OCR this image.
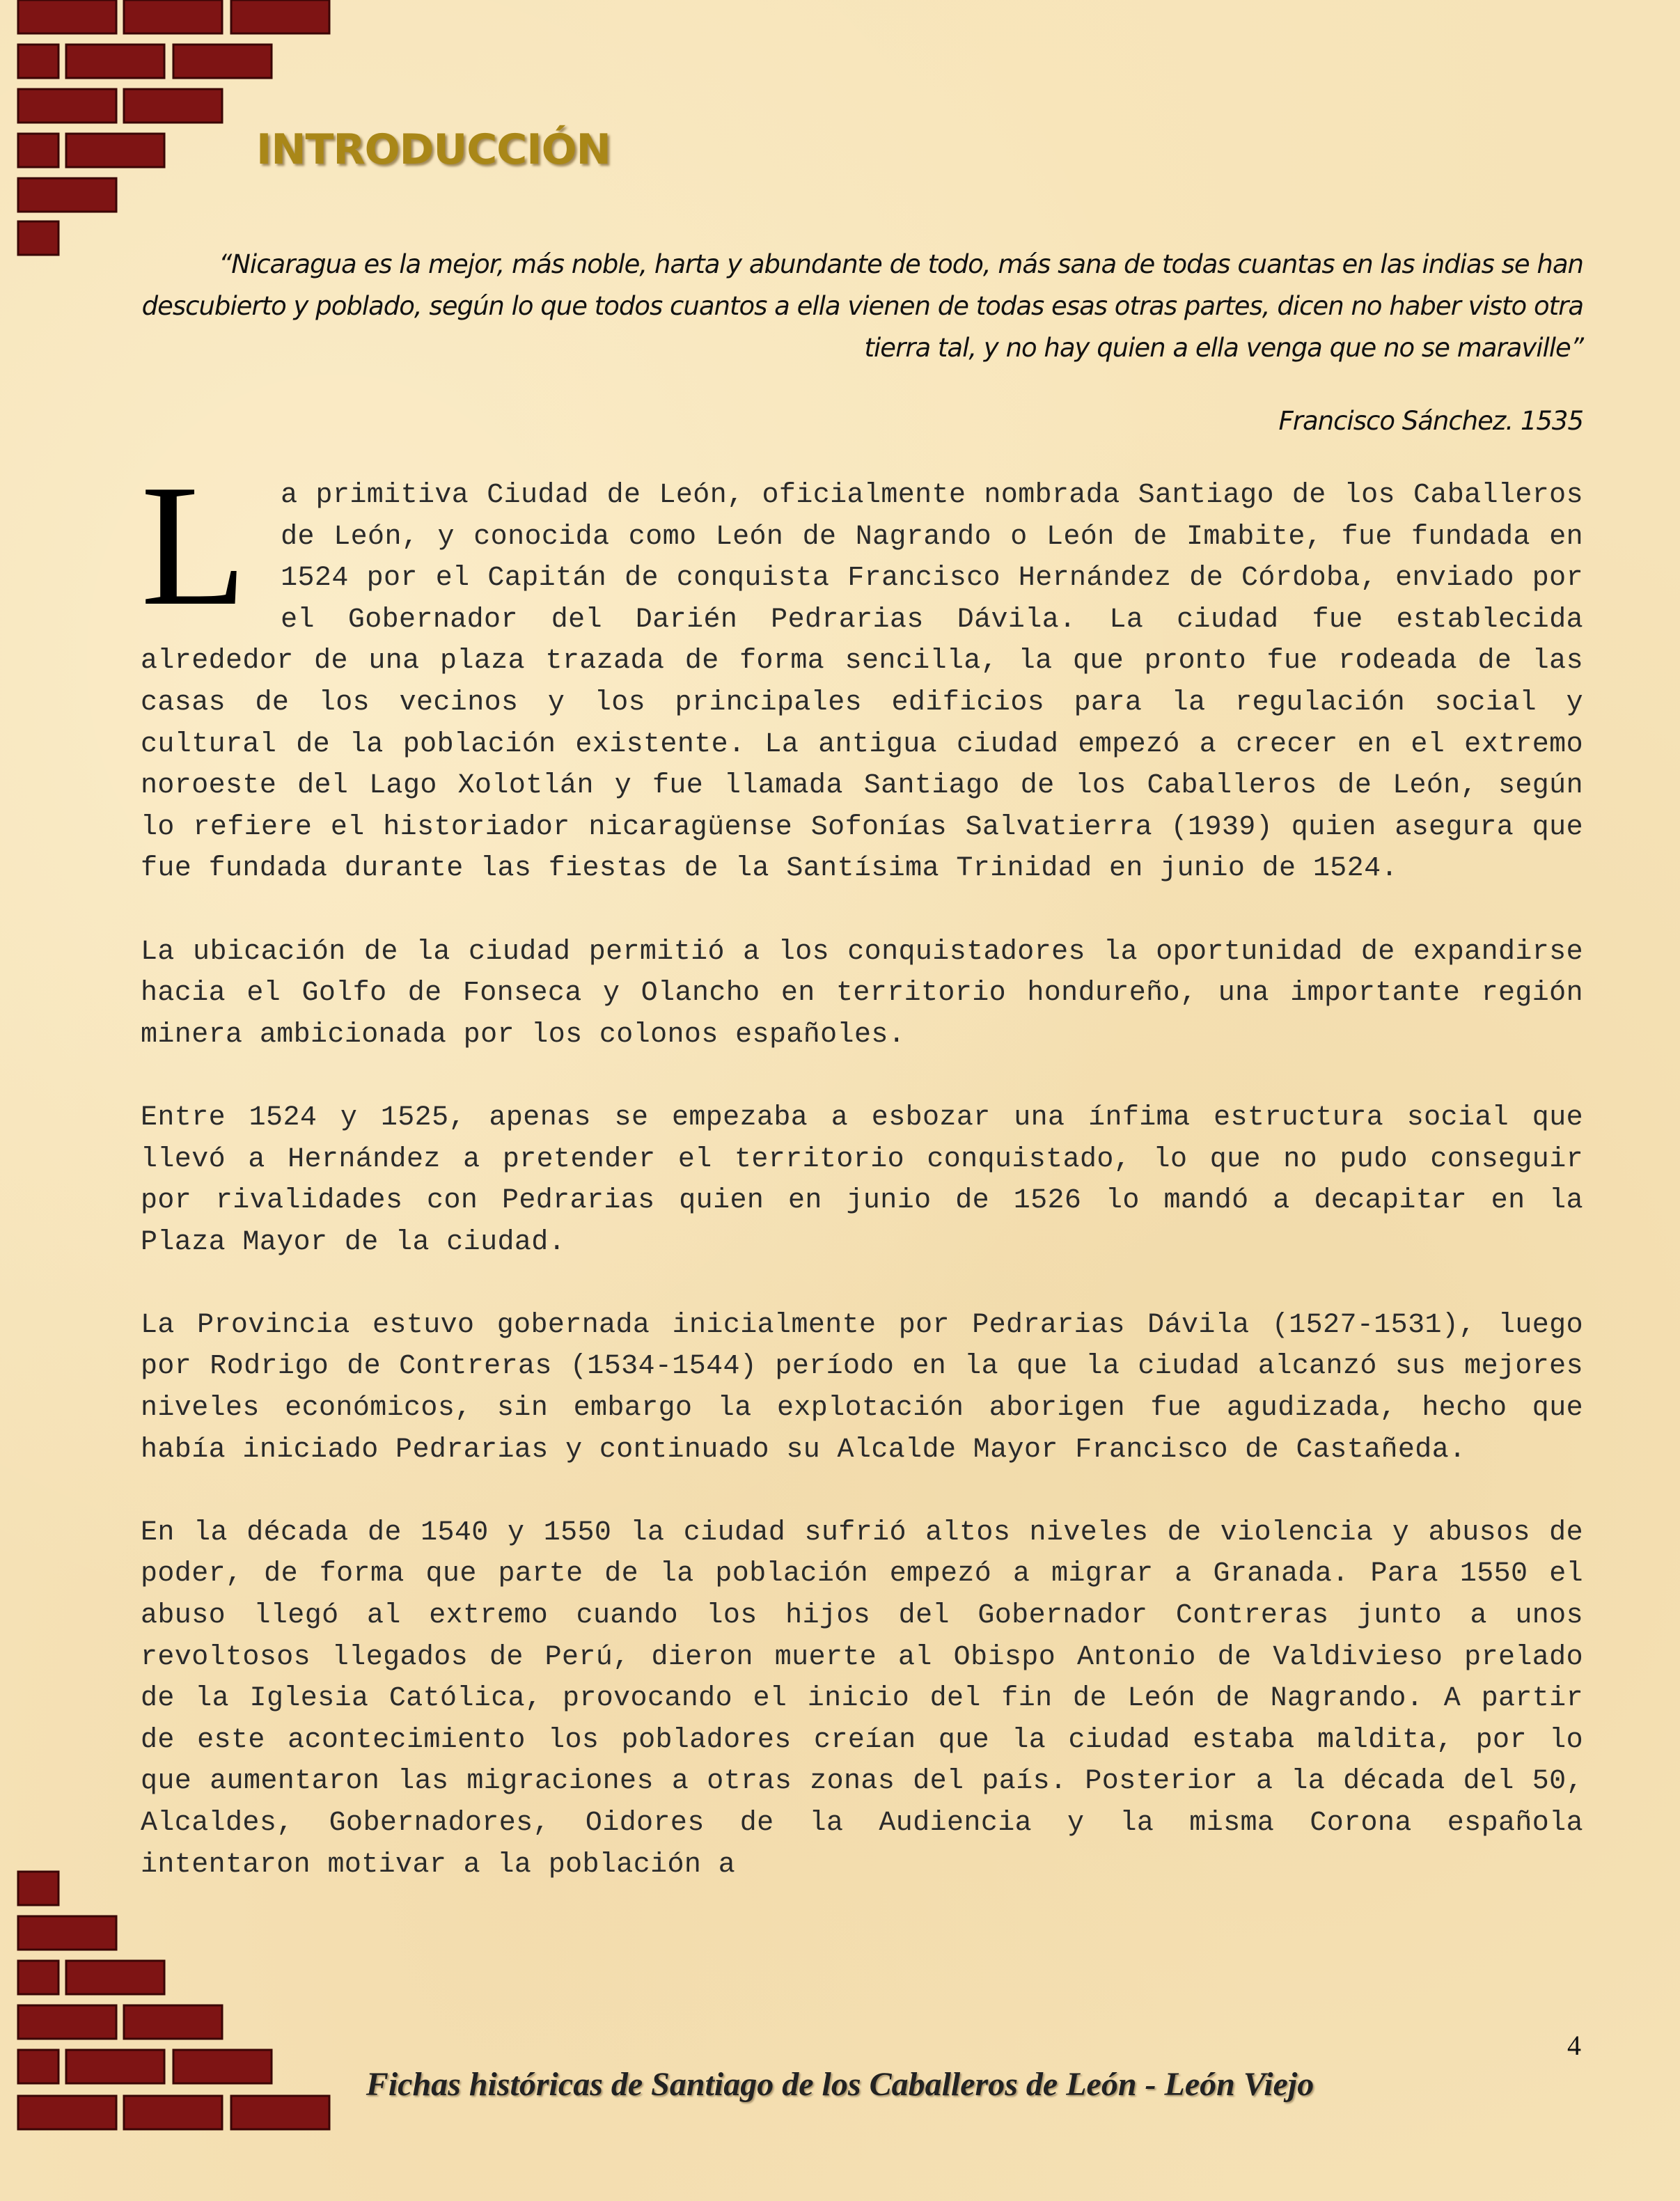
INTRODUCCIÓN

“Nicaragua es la mejor, más noble, harta y abundante de todo, más sana de todas cuantas en las indias se han descubierto y poblado, según lo que todos cuantos a ella vienen de todas esas otras partes, dicen no haber visto otra tierra tal, y no hay quien a ella venga que no se maraville”

Francisco Sánchez. 1535

L a primitiva Ciudad de León, oficialmente nombrada Santiago de los Caballeros de León, y conocida como León de Nagrando o León de Imabite, fue fundada en 1524 por el Capitán de conquista Francisco Hernández de Córdoba, enviado por el Gobernador del Darién Pedrarias Dávila. La ciudad fue establecida alrededor de una plaza trazada de forma sencilla, la que pronto fue rodeada de las casas de los vecinos y los principales edificios para la regulación social y cultural de la población existente. La antigua ciudad empezó a crecer en el extremo noroeste del Lago Xolotlán y fue llamada Santiago de los Caballeros de León, según lo refiere el historiador nicaragüense Sofonías Salvatierra (1939) quien asegura que fue fundada durante las fiestas de la Santísima Trinidad en junio de 1524.

La ubicación de la ciudad permitió a los conquistadores la oportunidad de expandirse hacia el Golfo de Fonseca y Olancho en territorio hondureño, una importante región minera ambicionada por los colonos españoles.

Entre 1524 y 1525, apenas se empezaba a esbozar una ínfima estructura social que llevó a Hernández a pretender el territorio conquistado, lo que no pudo conseguir por rivalidades con Pedrarias quien en junio de 1526 lo mandó a decapitar en la Plaza Mayor de la ciudad.

La Provincia estuvo gobernada inicialmente por Pedrarias Dávila (1527-1531), luego por Rodrigo de Contreras (1534-1544) período en la que la ciudad alcanzó sus mejores niveles económicos, sin embargo la explotación aborigen fue agudizada, hecho que había iniciado Pedrarias y continuado su Alcalde Mayor Francisco de Castañeda.

En la década de 1540 y 1550 la ciudad sufrió altos niveles de violencia y abusos de poder, de forma que parte de la población empezó a migrar a Granada. Para 1550 el abuso llegó al extremo cuando los hijos del Gobernador Contreras junto a unos revoltosos llegados de Perú, dieron muerte al Obispo Antonio de Valdivieso prelado de la Iglesia Católica, provocando el inicio del fin de León de Nagrando. A partir de este acontecimiento los pobladores creían que la ciudad estaba maldita, por lo que aumentaron las migraciones a otras zonas del país. Posterior a la década del 50, Alcaldes, Gobernadores, Oidores de la Audiencia y la misma Corona española intentaron motivar a la población a

4

Fichas históricas de Santiago de los Caballeros de León - León Viejo
